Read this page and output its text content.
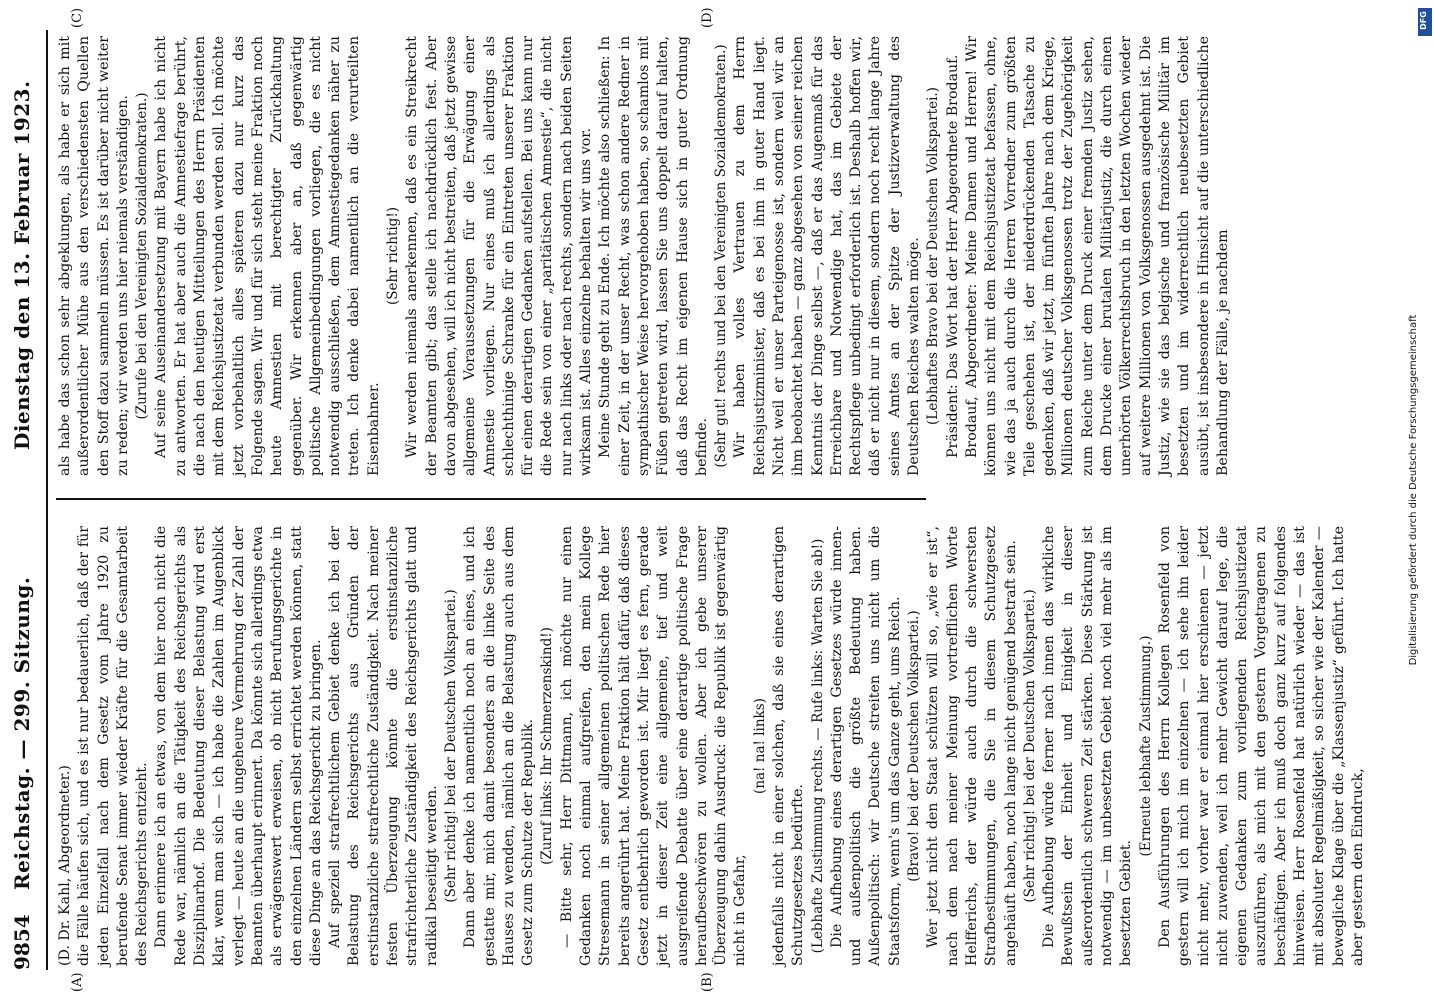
9854
Reichstag. — 299. Sitzung.
Dienstag den 13. Februar 1923.
(A)	(B)
(C)	(D)

(D. Dr. Kahl, Abgeordneter.) die Fälle häufen sich, und es ist nur bedauerlich, daß der für jeden Einzelfall nach dem Gesetz vom Jahre 1920 zu berufende Senat immer wieder Kräfte für die Gesamtarbeit des Reichsgerichts entzieht. Dann erinnere ich an etwas, von dem hier noch nicht die Rede war, nämlich an die Tätigkeit des Reichsgerichts als Disziplinarhof. Die Bedeutung dieser Belastung wird erst klar, wenn man sich — ich habe die Zahlen im Augenblick verlegt — heute an die ungeheure Vermehrung der Zahl der Beamten überhaupt erinnert. Da könnte sich allerdings etwa als erwägenswert erweisen, ob nicht Berufungsgerichte in den einzelnen Ländern selbst errichtet werden können, statt diese Dinge an das Reichsgericht zu bringen. Auf speziell strafrechtlichem Gebiet denke ich bei der Belastung des Reichsgerichts aus Gründen der erstinstanzliche strafrechtliche Zuständigkeit. Nach meiner festen Überzeugung könnte die erstinstanzliche strafrichterliche Zuständigkeit des Reichsgerichts glatt und radikal beseitigt werden. (Sehr richtig! bei der Deutschen Volkspartei.) Dann aber denke ich namentlich noch an eines, und ich gestatte mir, mich damit besonders an die linke Seite des Hauses zu wenden, nämlich an die Belastung auch aus dem Gesetz zum Schutze der Republik. (Zuruf links: Ihr Schmerzenskind!) — Bitte sehr, Herr Dittmann, ich möchte nur einen Gedanken noch einmal aufgreifen, den mein Kollege Stresemann in seiner allgemeinen politischen Rede hier bereits angerührt hat. Meine Fraktion hält dafür, daß dieses Gesetz entbehrlich geworden ist. Mir liegt es fern, gerade jetzt in dieser Zeit eine allgemeine, tief und weit ausgreifende Debatte über eine derartige politische Frage heraufbeschwören zu wollen. Aber ich gebe unserer Überzeugung dahin Ausdruck: die Republik ist gegenwärtig nicht in Gefahr,

(na! na! links) jedenfalls nicht in einer solchen, daß sie eines derartigen Schutzgesetzes bedürfte. (Lebhafte Zustimmung rechts. — Rufe links: Warten Sie ab!) Die Aufhebung eines derartigen Gesetzes würde innen- und außenpolitisch die größte Bedeutung haben. Außenpolitisch: wir Deutsche streiten uns nicht um die Staatsform, wenn's um das Ganze geht, ums Reich. (Bravo! bei der Deutschen Volkspartei.) Wer jetzt nicht den Staat schützen will so, „wie er ist“, nach dem nach meiner Meinung vortrefflichen Worte Helfferichs, der würde auch durch die schwersten Strafbestimmungen, die Sie in diesem Schutzgesetz angehäuft haben, noch lange nicht genügend bestraft sein. (Sehr richtig! bei der Deutschen Volkspartei.) Die Aufhebung würde ferner nach innen das wirkliche Bewußtsein der Einheit und Einigkeit in dieser außerordentlich schweren Zeit stärken. Diese Stärkung ist notwendig — im unbesetzten Gebiet noch viel mehr als im besetzten Gebiet.

(Erneute lebhafte Zustimmung.) Den Ausführungen des Herrn Kollegen Rosenfeld von gestern will ich mich im einzelnen — ich sehe ihn leider nicht mehr, vorher war er einmal hier erschienen — jetzt nicht zuwenden, weil ich mehr Gewicht darauf lege, die eigenen Gedanken zum vorliegenden Reichsjustizetat auszuführen, als mich mit den gestern Vorgetragenen zu beschäftigen. Aber ich muß doch ganz kurz auf folgendes hinweisen. Herr Rosenfeld hat natürlich wieder — das ist mit absoluter Regelmäßigkeit, so sicher wie der Kalender — bewegliche Klage über die „Klassenjustiz“ geführt. Ich hatte aber gestern den Eindruck,

als habe das schon sehr abgeklungen, als habe er sich mit außerordentlicher Mühe aus den verschiedensten Quellen den Stoff dazu sammeln müssen. Es ist darüber nicht weiter zu reden; wir werden uns hier niemals verständigen. (Zurufe bei den Vereinigten Sozialdemokraten.) Auf seine Auseinandersetzung mit Bayern habe ich nicht zu antworten. Er hat aber auch die Amnestiefrage berührt, die nach den heutigen Mitteilungen des Herrn Präsidenten mit dem Reichsjustizetat verbunden werden soll. Ich möchte jetzt vorbehaltlich alles späteren dazu nur kurz das Folgende sagen. Wir und für sich steht meine Fraktion noch heute Amnestien mit berechtigter Zurückhaltung gegenüber. Wir erkennen aber an, daß gegenwärtig politische Allgemeinbedingungen vorliegen, die es nicht notwendig ausschließen, dem Amnestiegedanken näher zu treten. Ich denke dabei namentlich an die verurteilten Eisenbahner.

(Sehr richtig!) Wir werden niemals anerkennen, daß es ein Streikrecht der Beamten gibt; das stelle ich nachdrücklich fest. Aber davon abgesehen, will ich nicht bestreiten, daß jetzt gewisse allgemeine Voraussetzungen für die Erwägung einer Amnestie vorliegen. Nur eines muß ich allerdings als schlechthinige Schranke für ein Eintreten unserer Fraktion für einen derartigen Gedanken aufstellen. Bei uns kann nur die Rede sein von einer „paritätischen Amnestie“, die nicht nur nach links oder nach rechts, sondern nach beiden Seiten wirksam ist. Alles einzelne behalten wir uns vor. Meine Stunde geht zu Ende. Ich möchte also schließen: In einer Zeit, in der unser Recht, was schon andere Redner in sympathischer Weise hervorgehoben haben, so schamlos mit Füßen getreten wird, lassen Sie uns doppelt darauf halten, daß das Recht im eigenen Hause sich in guter Ordnung befinde. (Sehr gut! rechts und bei den Vereinigten Sozialdemokraten.) Wir haben volles Vertrauen zu dem Herrn Reichsjustizminister, daß es bei ihm in guter Hand liegt. Nicht weil er unser Parteigenosse ist, sondern weil wir an ihm beobachtet haben — ganz abgesehen von seiner reichen Kenntnis der Dinge selbst —, daß er das Augenmaß für das Erreichbare und Notwendige hat, das im Gebiete der Rechtspflege unbedingt erforderlich ist. Deshalb hoffen wir, daß er nicht nur in diesem, sondern noch recht lange Jahre seines Amtes an der Spitze der Justizverwaltung des Deutschen Reiches walten möge. (Lebhaftes Bravo bei der Deutschen Volkspartei.) Präsident: Das Wort hat der Herr Abgeordnete Brodauf. Brodauf, Abgeordneter: Meine Damen und Herren! Wir können uns nicht mit dem Reichsjustizetat befassen, ohne, wie das ja auch durch die Herren Vorredner zum größten Teile geschehen ist, der niederdrückenden Tatsache zu gedenken, daß wir jetzt, im fünften Jahre nach dem Kriege, Millionen deutscher Volksgenossen trotz der Zugehörigkeit zum Reiche unter dem Druck einer fremden Justiz sehen, dem Drucke einer brutalen Militärjustiz, die durch einen unerhörten Völkerrechtsbruch in den letzten Wochen wieder auf weitere Millionen von Volksgenossen ausgedehnt ist. Die Justiz, wie sie das belgische und französische Militär im besetzten und im widerrechtlich neubesetzten Gebiet ausübt, ist insbesondere in Hinsicht auf die unterschiedliche Behandlung der Fälle, je nachdem	Digitalisierung gefördert durch die Deutsche Forschungsgemeinschaft
DFG
